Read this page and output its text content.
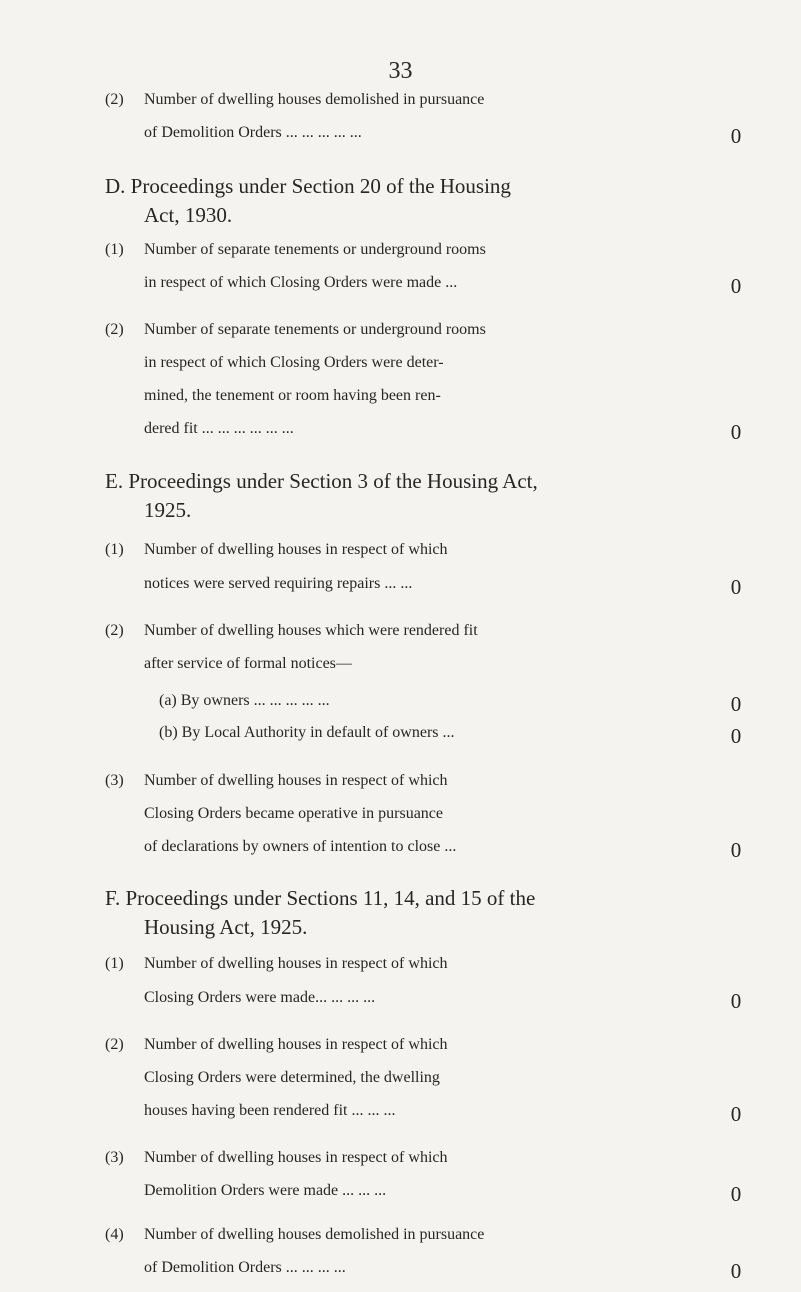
33
(2) Number of dwelling houses demolished in pursuance
of Demolition Orders ... ... ... ... ...	0
D. Proceedings under Section 20 of the Housing
Act, 1930.
(1) Number of separate tenements or underground rooms
in respect of which Closing Orders were made ...	0
(2) Number of separate tenements or underground rooms
in respect of which Closing Orders were deter-
mined, the tenement or room having been ren-
dered fit ... ... ... ... ... ...	0
E. Proceedings under Section 3 of the Housing Act,
1925.
(1) Number of dwelling houses in respect of which
notices were served requiring repairs ... ...	0
(2) Number of dwelling houses which were rendered fit
after service of formal notices—
(a) By owners ... ... ... ... ...	0
(b) By Local Authority in default of owners ...	0
(3) Number of dwelling houses in respect of which
Closing Orders became operative in pursuance
of declarations by owners of intention to close ...	0
F. Proceedings under Sections 11, 14, and 15 of the
Housing Act, 1925.
(1) Number of dwelling houses in respect of which
Closing Orders were made... ... ... ...	0
(2) Number of dwelling houses in respect of which
Closing Orders were determined, the dwelling
houses having been rendered fit ... ... ...	0
(3) Number of dwelling houses in respect of which
Demolition Orders were made ... ... ...	0
(4) Number of dwelling houses demolished in pursuance
of Demolition Orders ... ... ... ...	0
